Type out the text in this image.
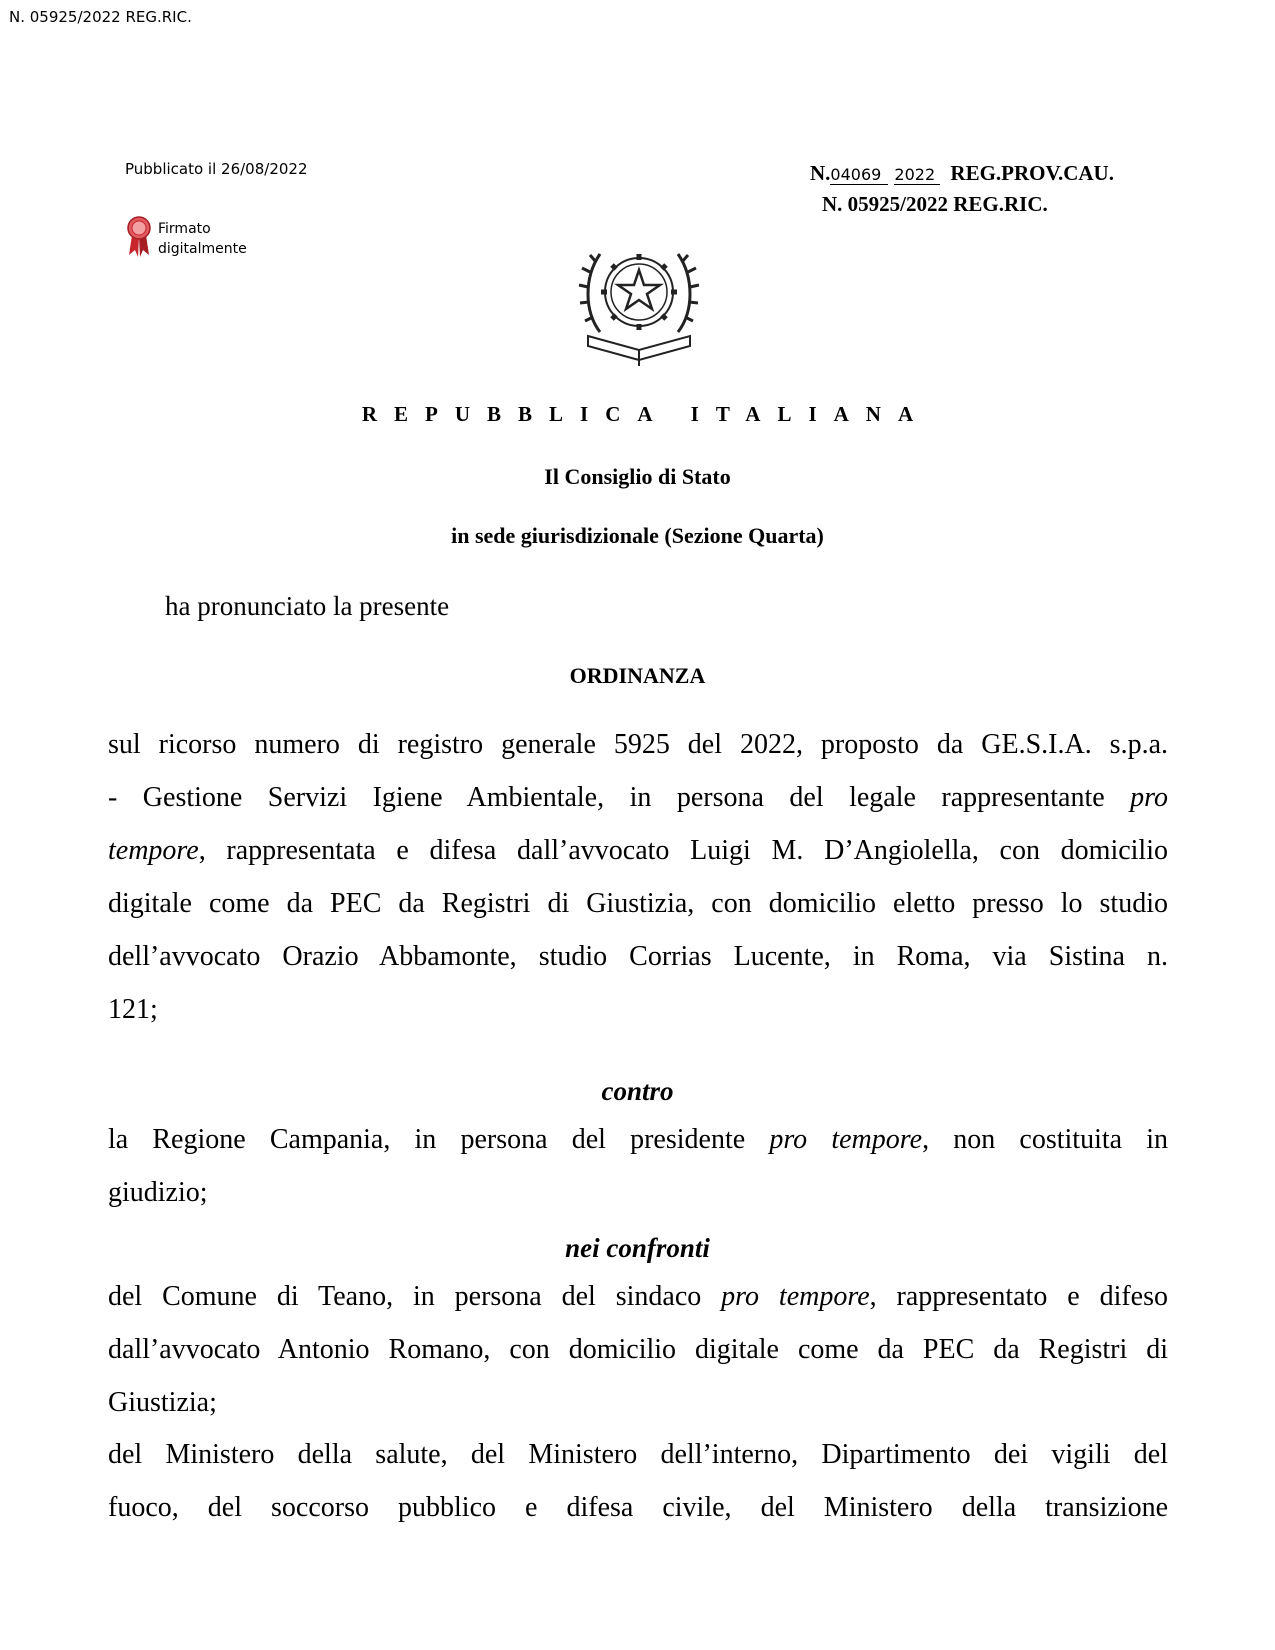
N. 05925/2022 REG.RIC.
Pubblicato il 26/08/2022
Firmato
digitalmente
N.04069 2022 REG.PROV.CAU.
N. 05925/2022 REG.RIC.
REPUBBLICA ITALIANA
Il Consiglio di Stato
in sede giurisdizionale (Sezione Quarta)
ha pronunciato la presente
ORDINANZA
sul ricorso numero di registro generale 5925 del 2022, proposto da GE.S.I.A. s.p.a.
- Gestione Servizi Igiene Ambientale, in persona del legale rappresentante pro
tempore, rappresentata e difesa dall’avvocato Luigi M. D’Angiolella, con domicilio
digitale come da PEC da Registri di Giustizia, con domicilio eletto presso lo studio
dell’avvocato Orazio Abbamonte, studio Corrias Lucente, in Roma, via Sistina n.
121;
contro
la Regione Campania, in persona del presidente pro tempore, non costituita in
giudizio;
nei confronti
del Comune di Teano, in persona del sindaco pro tempore, rappresentato e difeso
dall’avvocato Antonio Romano, con domicilio digitale come da PEC da Registri di
Giustizia;
del Ministero della salute, del Ministero dell’interno, Dipartimento dei vigili del
fuoco, del soccorso pubblico e difesa civile, del Ministero della transizione
